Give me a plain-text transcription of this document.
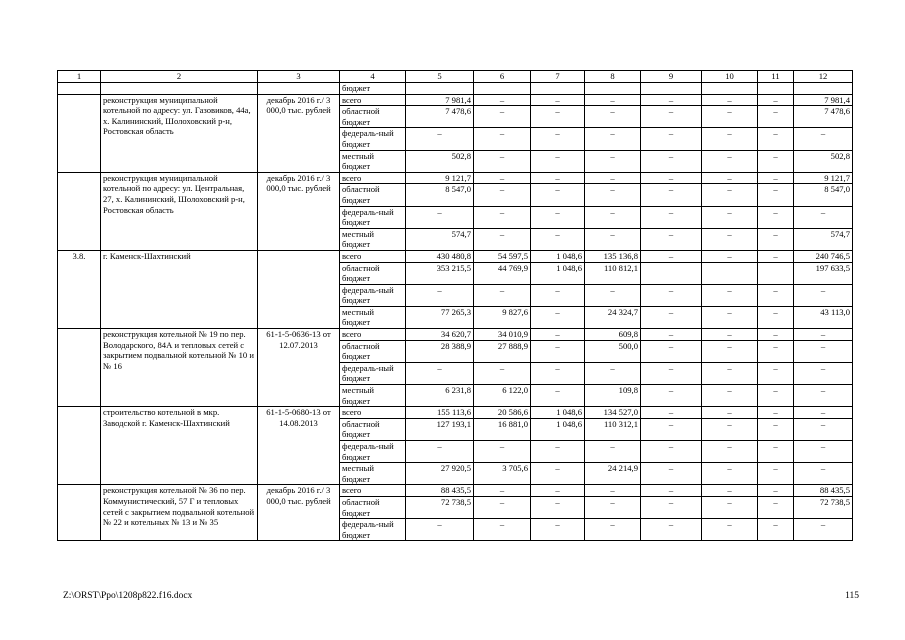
1	2	3	4	5	6	7	8	9	10	11	12
			бюджет								
	реконструкция муниципальной котельной по адресу: ул. Газовиков, 44а, х. Калининский, Шолоховский р-н, Ростовская область	декабрь 2016 г./ 3 000,0 тыс. рублей	всего	7 981,4	–	–	–	–	–	–	7 981,4
			областной бюджет	7 478,6	–	–	–	–	–	–	7 478,6
			федераль-ный бюджет	–	–	–	–	–	–	–	–
			местный бюджет	502,8	–	–	–	–	–	–	502,8
	реконструкция муниципальной котельной по адресу: ул. Центральная, 27, х. Калининский, Шолоховский р-н, Ростовская область	декабрь 2016 г./ 3 000,0 тыс. рублей	всего	9 121,7	–	–	–	–	–	–	9 121,7
			областной бюджет	8 547,0	–	–	–	–	–	–	8 547,0
			федераль-ный бюджет	–	–	–	–	–	–	–	–
			местный бюджет	574,7	–	–	–	–	–	–	574,7
3.8.	г. Каменск-Шахтинский		всего	430 480,8	54 597,5	1 048,6	135 136,8	–	–	–	240 746,5
			областной бюджет	353 215,5	44 769,9	1 048,6	110 812,1				197 633,5
			федераль-ный бюджет	–	–	–	–	–	–	–	–
			местный бюджет	77 265,3	9 827,6	–	24 324,7	–	–	–	43 113,0
	реконструкция котельной № 19 по пер. Володарского, 84А и тепловых сетей с закрытием подвальной котельной № 10 и № 16	61-1-5-0636-13 от 12.07.2013	всего	34 620,7	34 010,9	–	609,8	–	–	–	–
			областной бюджет	28 388,9	27 888,9	–	500,0	–	–	–	–
			федераль-ный бюджет	–	–	–	–	–	–	–	–
			местный бюджет	6 231,8	6 122,0	–	109,8	–	–	–	–
	строительство котельной в мкр. Заводской г. Каменск-Шахтинский	61-1-5-0680-13 от 14.08.2013	всего	155 113,6	20 586,6	1 048,6	134 527,0	–	–	–	–
			областной бюджет	127 193,1	16 881,0	1 048,6	110 312,1	–	–	–	–
			федераль-ный бюджет	–	–	–	–	–	–	–	–
			местный бюджет	27 920,5	3 705,6	–	24 214,9	–	–	–	–
	реконструкция котельной № 36 по пер. Коммунистический, 57 Г и тепловых сетей с закрытием подвальной котельной № 22 и котельных № 13 и № 35	декабрь 2016 г./ 3 000,0 тыс. рублей	всего	88 435,5	–	–	–	–	–	–	88 435,5
			областной бюджет	72 738,5	–	–	–	–	–	–	72 738,5
			федераль-ный бюджет	–	–	–	–	–	–	–	–
Z:\ORST\Ppo\1208p822.f16.docx	115
